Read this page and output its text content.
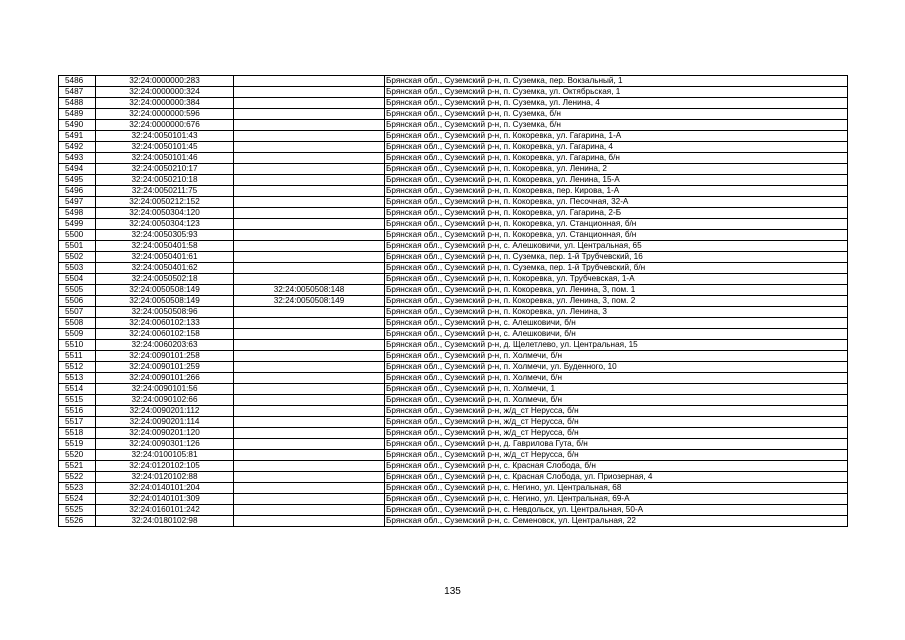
5486	32:24:0000000:283		Брянская обл., Суземский р-н, п. Суземка, пер. Вокзальный, 1
5487	32:24:0000000:324		Брянская обл., Суземский р-н, п. Суземка, ул. Октябрьская, 1
5488	32:24:0000000:384		Брянская обл., Суземский р-н, п. Суземка, ул. Ленина, 4
5489	32:24:0000000:596		Брянская обл., Суземский р-н, п. Суземка, б/н
5490	32:24:0000000:676		Брянская обл., Суземский р-н, п. Суземка, б/н
5491	32:24:0050101:43		Брянская обл., Суземский р-н, п. Кокоревка, ул. Гагарина, 1-А
5492	32:24:0050101:45		Брянская обл., Суземский р-н, п. Кокоревка, ул. Гагарина, 4
5493	32:24:0050101:46		Брянская обл., Суземский р-н, п. Кокоревка, ул. Гагарина, б/н
5494	32:24:0050210:17		Брянская обл., Суземский р-н, п. Кокоревка, ул. Ленина, 2
5495	32:24:0050210:18		Брянская обл., Суземский р-н, п. Кокоревка, ул. Ленина, 15-А
5496	32:24:0050211:75		Брянская обл., Суземский р-н, п. Кокоревка, пер. Кирова, 1-А
5497	32:24:0050212:152		Брянская обл., Суземский р-н, п. Кокоревка, ул. Песочная, 32-А
5498	32:24:0050304:120		Брянская обл., Суземский р-н, п. Кокоревка, ул. Гагарина, 2-Б
5499	32:24:0050304:123		Брянская обл., Суземский р-н, п. Кокоревка, ул. Станционная, б/н
5500	32:24:0050305:93		Брянская обл., Суземский р-н, п. Кокоревка, ул. Станционная, б/н
5501	32:24:0050401:58		Брянская обл., Суземский р-н, с. Алешковичи, ул. Центральная, 65
5502	32:24:0050401:61		Брянская обл., Суземский р-н, п. Суземка, пер. 1-й Трубчевский, 16
5503	32:24:0050401:62		Брянская обл., Суземский р-н, п. Суземка, пер. 1-й Трубчевский, б/н
5504	32:24:0050502:18		Брянская обл., Суземский р-н, п. Кокоревка, ул. Трубчевская, 1-А
5505	32:24:0050508:149	32:24:0050508:148	Брянская обл., Суземский р-н, п. Кокоревка, ул. Ленина, 3, пом. 1
5506	32:24:0050508:149	32:24:0050508:149	Брянская обл., Суземский р-н, п. Кокоревка, ул. Ленина, 3, пом. 2
5507	32:24:0050508:96		Брянская обл., Суземский р-н, п. Кокоревка, ул. Ленина, 3
5508	32:24:0060102:133		Брянская обл., Суземский р-н, с. Алешковичи, б/н
5509	32:24:0060102:158		Брянская обл., Суземский р-н, с. Алешковичи, б/н
5510	32:24:0060203:63		Брянская обл., Суземский р-н, д. Щелетлево, ул. Центральная, 15
5511	32:24:0090101:258		Брянская обл., Суземский р-н, п. Холмечи, б/н
5512	32:24:0090101:259		Брянская обл., Суземский р-н, п. Холмечи, ул. Буденного, 10
5513	32:24:0090101:266		Брянская обл., Суземский р-н, п. Холмечи, б/н
5514	32:24:0090101:56		Брянская обл., Суземский р-н, п. Холмечи, 1
5515	32:24:0090102:66		Брянская обл., Суземский р-н, п. Холмечи, б/н
5516	32:24:0090201:112		Брянская обл., Суземский р-н, ж/д_ст Нерусса, б/н
5517	32:24:0090201:114		Брянская обл., Суземский р-н, ж/д_ст Нерусса, б/н
5518	32:24:0090201:120		Брянская обл., Суземский р-н, ж/д_ст Нерусса, б/н
5519	32:24:0090301:126		Брянская обл., Суземский р-н, д. Гаврилова Гута, б/н
5520	32:24:0100105:81		Брянская обл., Суземский р-н, ж/д_ст Нерусса, б/н
5521	32:24:0120102:105		Брянская обл., Суземский р-н, с. Красная Слобода, б/н
5522	32:24:0120102:88		Брянская обл., Суземский р-н, с. Красная Слобода, ул. Приозерная, 4
5523	32:24:0140101:204		Брянская обл., Суземский р-н, с. Негино, ул. Центральная, 68
5524	32:24:0140101:309		Брянская обл., Суземский р-н, с. Негино, ул. Центральная, 69-А
5525	32:24:0160101:242		Брянская обл., Суземский р-н, с. Невдольск, ул. Центральная, 50-А
5526	32:24:0180102:98		Брянская обл., Суземский р-н, с. Семеновск, ул. Центральная, 22
135
